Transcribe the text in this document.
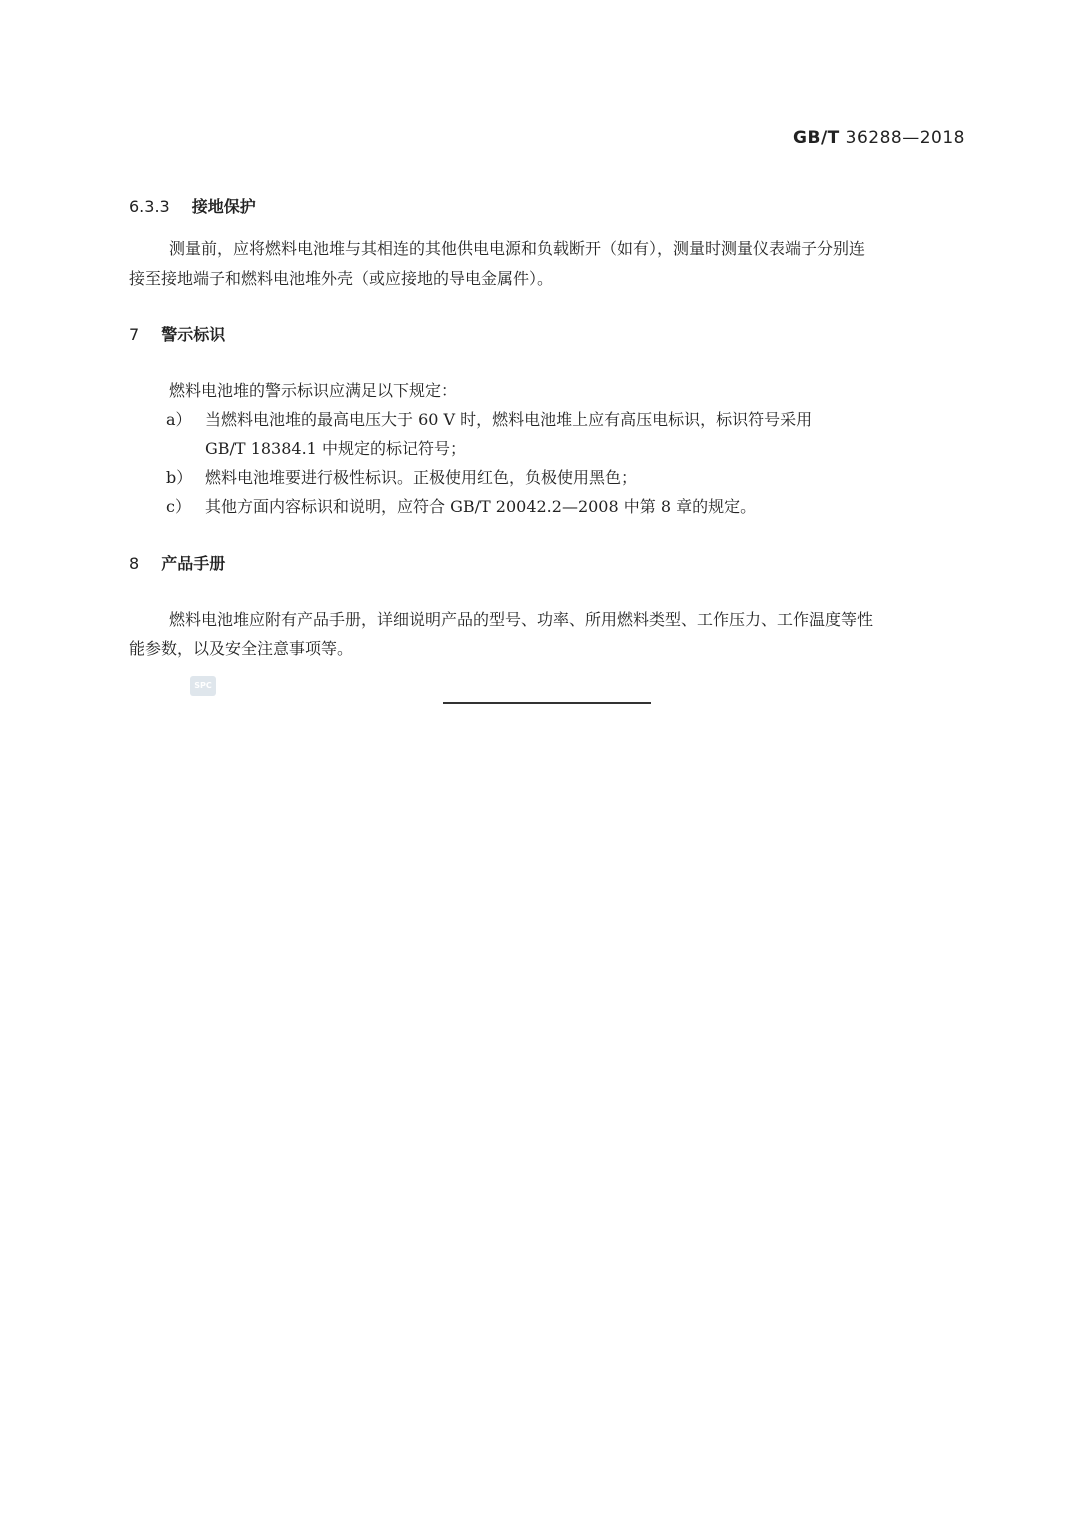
GB/T 36288—2018
6.3.3 接地保护
测量前，应将燃料电池堆与其相连的其他供电电源和负载断开（如有），测量时测量仪表端子分别连
接至接地端子和燃料电池堆外壳（或应接地的导电金属件）。
7 警示标识
燃料电池堆的警示标识应满足以下规定：
a） 当燃料电池堆的最高电压大于 60 V 时，燃料电池堆上应有高压电标识，标识符号采用
GB/T 18384.1 中规定的标记符号；
b） 燃料电池堆要进行极性标识。正极使用红色，负极使用黑色；
c） 其他方面内容标识和说明，应符合 GB/T 20042.2—2008 中第 8 章的规定。
8 产品手册
燃料电池堆应附有产品手册，详细说明产品的型号、功率、所用燃料类型、工作压力、工作温度等性
能参数，以及安全注意事项等。
SPC
